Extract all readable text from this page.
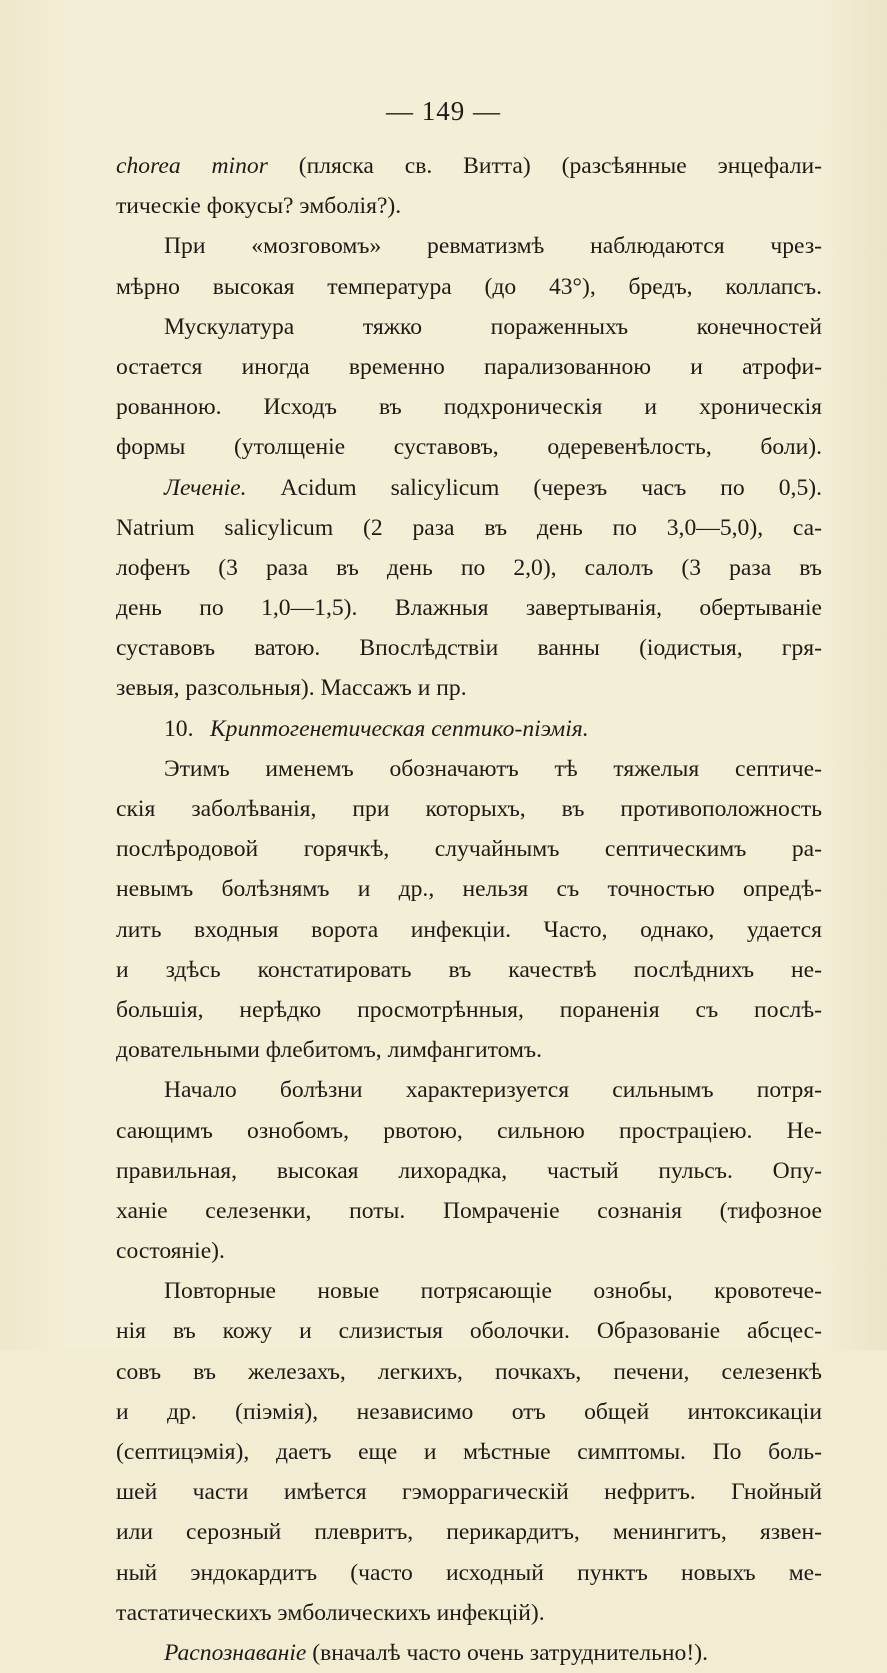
— 149 —
chorea minor (пляска св. Витта) (разсѣянные энцефали-
тическіе фокусы? эмболія?).
При «мозговомъ» ревматизмѣ наблюдаются чрез-
мѣрно высокая температура (до 43°), бредъ, коллапсъ.
Мускулатура тяжко пораженныхъ конечностей
остается иногда временно парализованною и атрофи-
рованною. Исходъ въ подхроническія и хроническія
формы (утолщеніе суставовъ, одеревенѣлость, боли).
Леченіе. Acidum salicylicum (черезъ часъ по 0,5).
Natrium salicylicum (2 раза въ день по 3,0—5,0), са-
лофенъ (3 раза въ день по 2,0), салолъ (3 раза въ
день по 1,0—1,5). Влажныя завертыванія, обертываніе
суставовъ ватою. Впослѣдствіи ванны (іодистыя, гря-
зевыя, разсольныя). Массажъ и пр.
10. Криптогенетическая септико-піэмія.
Этимъ именемъ обозначаютъ тѣ тяжелыя септиче-
скія заболѣванія, при которыхъ, въ противоположность
послѣродовой горячкѣ, случайнымъ септическимъ ра-
невымъ болѣзнямъ и др., нельзя съ точностью опредѣ-
лить входныя ворота инфекціи. Часто, однако, удается
и здѣсь констатировать въ качествѣ послѣднихъ не-
большія, нерѣдко просмотрѣнныя, пораненія съ послѣ-
довательными флебитомъ, лимфангитомъ.
Начало болѣзни характеризуется сильнымъ потря-
сающимъ ознобомъ, рвотою, сильною простраціею. Не-
правильная, высокая лихорадка, частый пульсъ. Опу-
ханіе селезенки, поты. Помраченіе сознанія (тифозное
состояніе).
Повторные новые потрясающіе ознобы, кровотече-
нія въ кожу и слизистыя оболочки. Образованіе абсцес-
совъ въ железахъ, легкихъ, почкахъ, печени, селезенкѣ
и др. (піэмія), независимо отъ общей интоксикаціи
(септицэмія), даетъ еще и мѣстные симптомы. По боль-
шей части имѣется гэморрагическій нефритъ. Гнойный
или серозный плевритъ, перикардитъ, менингитъ, язвен-
ный эндокардитъ (часто исходный пунктъ новыхъ ме-
тастатическихъ эмболическихъ инфекцій).
Распознаваніе (вначалѣ часто очень затруднительно!).
